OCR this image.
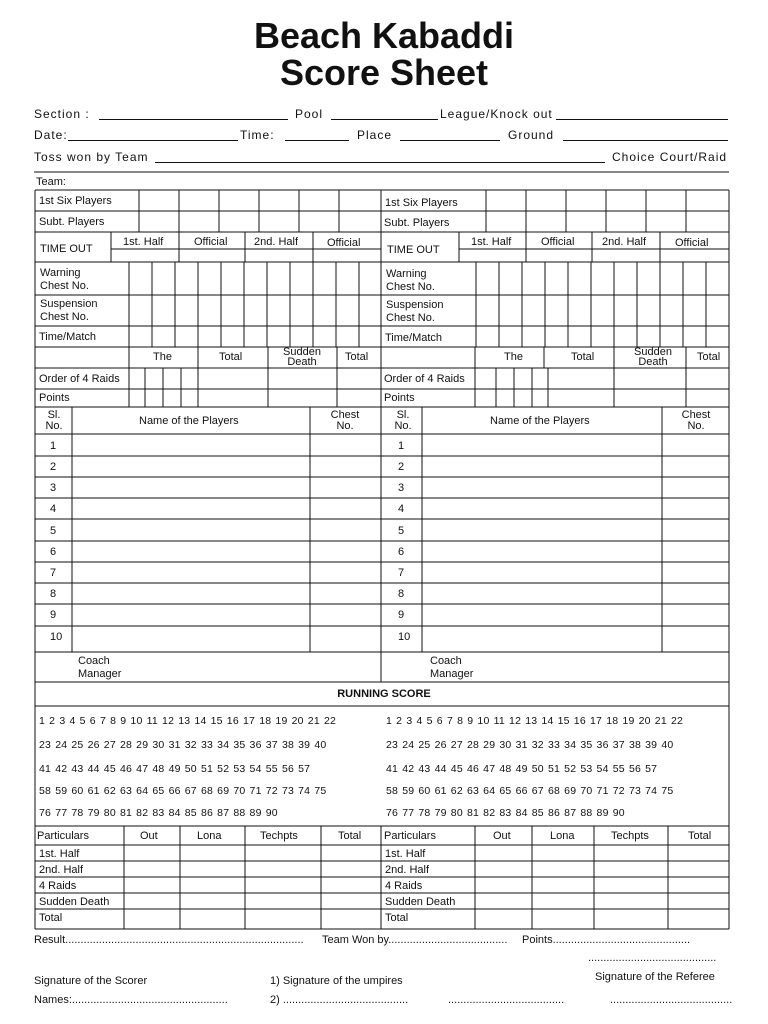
Beach Kabaddi
Score Sheet
Section :	Pool	League/Knock out
Date:	Time:	Place	Ground
Toss won by Team	Choice Court/Raid
Team:
1st Six Players
Subt. Players
TIME OUT
1st. Half	Official 2nd. Half	Official
Warning
Chest No.
Suspension
Chest No.
Time/Match
The	Total	Sudden
Death	Total
Order of 4 Raids
Points
Sl.
No.	Name of the Players	Chest
No.
1
2
3
4
5
6
7
8
9
10
Coach
Manager
1st Six Players
Subt. Players
TIME OUT
1st. Half	Official	2nd. Half	Official
Warning
Chest No.
Suspension
Chest No.
Time/Match
The	Total	Sudden
Death	Total
Order of 4 Raids
Points
Sl.
No.	Name of the Players	Chest
No.
1
2
3
4
5
6
7
8
9
10
Coach
Manager
RUNNING SCORE
1 2 3 4 5 6 7 8 9 10 11 12 13 14 15 16 17 18 19 20 21 22
23 24 25 26 27 28 29 30 31 32 33 34 35 36 37 38 39 40
41 42 43 44 45 46 47 48 49 50 51 52 53 54 55 56 57
58 59 60 61 62 63 64 65 66 67 68 69 70 71 72 73 74 75
76 77 78 79 80 81 82 83 84 85 86 87 88 89 90
1 2 3 4 5 6 7 8 9 10 11 12 13 14 15 16 17 18 19 20 21 22
23 24 25 26 27 28 29 30 31 32 33 34 35 36 37 38 39 40
41 42 43 44 45 46 47 48 49 50 51 52 53 54 55 56 57
58 59 60 61 62 63 64 65 66 67 68 69 70 71 72 73 74 75
76 77 78 79 80 81 82 83 84 85 86 87 88 89 90
Particulars	Out	Lona	Techpts	Total
1st. Half
2nd. Half
4 Raids
Sudden Death
Total
Particulars	Out	Lona	Techpts	Total
1st. Half
2nd. Half
4 Raids
Sudden Death
Total
Result.............................................................................. Team Won by....................................... Points.............................................
..........................................
Signature of the Referee
Signature of the Scorer	1) Signature of the umpires
Names:...................................................	2) .........................................	......................................	........................................
